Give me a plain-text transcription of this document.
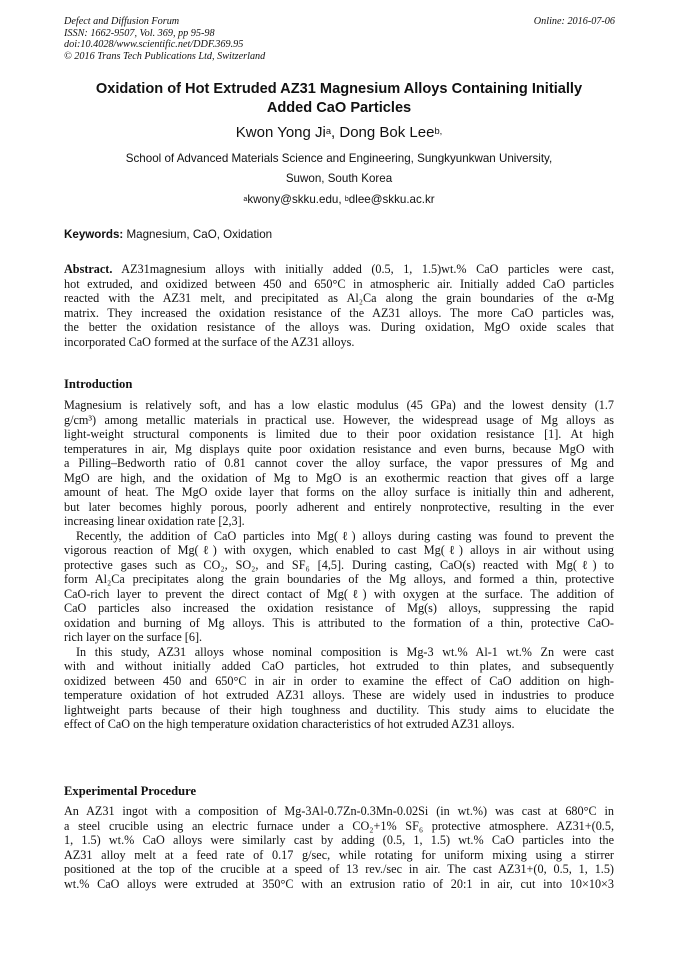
Defect and Diffusion Forum
ISSN: 1662-9507, Vol. 369, pp 95-98
doi:10.4028/www.scientific.net/DDF.369.95
© 2016 Trans Tech Publications Ltd, Switzerland
Online: 2016-07-06
Oxidation of Hot Extruded AZ31 Magnesium Alloys Containing Initially
Added CaO Particles
Kwon Yong Ji$^a$, Dong Bok Lee$^{b,}$
School of Advanced Materials Science and Engineering, Sungkyunkwan University,
Suwon, South Korea
$^a$kwony@skku.edu, $^b$dlee@skku.ac.kr
Keywords: Magnesium, CaO, Oxidation
Abstract. AZ31magnesium alloys with initially added (0.5, 1, 1.5)wt.% CaO particles were cast,
hot extruded, and oxidized between 450 and 650°C in atmospheric air. Initially added CaO particles
reacted with the AZ31 melt, and precipitated as Al₂Ca along the grain boundaries of the α-Mg
matrix. They increased the oxidation resistance of the AZ31 alloys. The more CaO particles was,
the better the oxidation resistance of the alloys was. During oxidation, MgO oxide scales that
incorporated CaO formed at the surface of the AZ31 alloys.
Introduction
Magnesium is relatively soft, and has a low elastic modulus (45 GPa) and the lowest density (1.7
g/cm³) among metallic materials in practical use. However, the widespread usage of Mg alloys as
light-weight structural components is limited due to their poor oxidation resistance [1]. At high
temperatures in air, Mg displays quite poor oxidation resistance and even burns, because MgO with
a Pilling–Bedworth ratio of 0.81 cannot cover the alloy surface, the vapor pressures of Mg and
MgO are high, and the oxidation of Mg to MgO is an exothermic reaction that gives off a large
amount of heat. The MgO oxide layer that forms on the alloy surface is initially thin and adherent,
but later becomes highly porous, poorly adherent and entirely nonprotective, resulting in the ever
increasing linear oxidation rate [2,3].
Recently, the addition of CaO particles into Mg(ℓ) alloys during casting was found to prevent the
vigorous reaction of Mg(ℓ) with oxygen, which enabled to cast Mg(ℓ) alloys in air without using
protective gases such as CO₂, SO₂, and SF₆ [4,5]. During casting, CaO(s) reacted with Mg(ℓ) to
form Al₂Ca precipitates along the grain boundaries of the Mg alloys, and formed a thin, protective
CaO-rich layer to prevent the direct contact of Mg(ℓ) with oxygen at the surface. The addition of
CaO particles also increased the oxidation resistance of Mg(s) alloys, suppressing the rapid
oxidation and burning of Mg alloys. This is attributed to the formation of a thin, protective CaO-
rich layer on the surface [6].
In this study, AZ31 alloys whose nominal composition is Mg-3 wt.% Al-1 wt.% Zn were cast
with and without initially added CaO particles, hot extruded to thin plates, and subsequently
oxidized between 450 and 650°C in air in order to examine the effect of CaO addition on high-
temperature oxidation of hot extruded AZ31 alloys. These are widely used in industries to produce
lightweight parts because of their high toughness and ductility. This study aims to elucidate the
effect of CaO on the high temperature oxidation characteristics of hot extruded AZ31 alloys.
Experimental Procedure
An AZ31 ingot with a composition of Mg-3Al-0.7Zn-0.3Mn-0.02Si (in wt.%) was cast at 680°C in
a steel crucible using an electric furnace under a CO₂+1% SF₆ protective atmosphere. AZ31+(0.5,
1, 1.5) wt.% CaO alloys were similarly cast by adding (0.5, 1, 1.5) wt.% CaO particles into the
AZ31 alloy melt at a feed rate of 0.17 g/sec, while rotating for uniform mixing using a stirrer
positioned at the top of the crucible at a speed of 13 rev./sec in air. The cast AZ31+(0, 0.5, 1, 1.5)
wt.% CaO alloys were extruded at 350°C with an extrusion ratio of 20:1 in air, cut into 10×10×3
